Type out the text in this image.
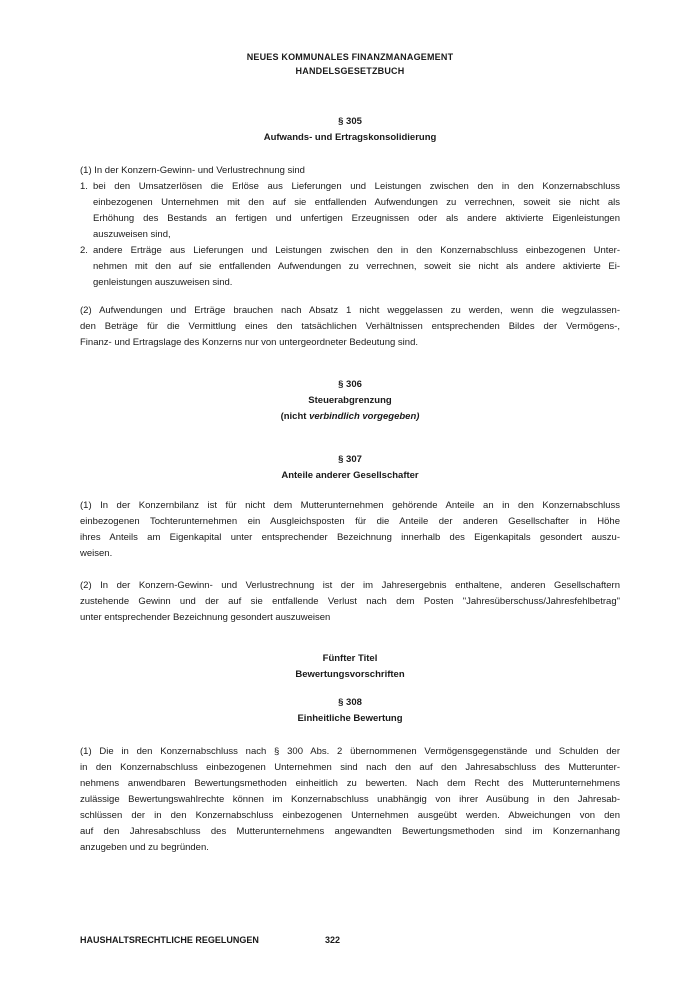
NEUES KOMMUNALES FINANZMANAGEMENT
HANDELSGESETZBUCH
§ 305
Aufwands- und Ertragskonsolidierung

(1) In der Konzern-Gewinn- und Verlustrechnung sind

1. bei den Umsatzerlösen die Erlöse aus Lieferungen und Leistungen zwischen den in den Konzernabschluss
einbezogenen Unternehmen mit den auf sie entfallenden Aufwendungen zu verrechnen, soweit sie nicht als
Erhöhung des Bestands an fertigen und unfertigen Erzeugnissen oder als andere aktivierte Eigenleistungen
auszuweisen sind,
2. andere Erträge aus Lieferungen und Leistungen zwischen den in den Konzernabschluss einbezogenen Unter-
nehmen mit den auf sie entfallenden Aufwendungen zu verrechnen, soweit sie nicht als andere aktivierte Ei-
genleistungen auszuweisen sind.

(2) Aufwendungen und Erträge brauchen nach Absatz 1 nicht weggelassen zu werden, wenn die wegzulassen-
den Beträge für die Vermittlung eines den tatsächlichen Verhältnissen entsprechenden Bildes der Vermögens-,
Finanz- und Ertragslage des Konzerns nur von untergeordneter Bedeutung sind.

§ 306
Steuerabgrenzung
(nicht verbindlich vorgegeben)
§ 307
Anteile anderer Gesellschafter

(1) In der Konzernbilanz ist für nicht dem Mutterunternehmen gehörende Anteile an in den Konzernabschluss
einbezogenen Tochterunternehmen ein Ausgleichsposten für die Anteile der anderen Gesellschafter in Höhe
ihres Anteils am Eigenkapital unter entsprechender Bezeichnung innerhalb des Eigenkapitals gesondert auszu-
weisen.

(2) In der Konzern-Gewinn- und Verlustrechnung ist der im Jahresergebnis enthaltene, anderen Gesellschaftern
zustehende Gewinn und der auf sie entfallende Verlust nach dem Posten "Jahresüberschuss/Jahresfehlbetrag"
unter entsprechender Bezeichnung gesondert auszuweisen

Fünfter Titel
Bewertungsvorschriften
§ 308
Einheitliche Bewertung

(1) Die in den Konzernabschluss nach § 300 Abs. 2 übernommenen Vermögensgegenstände und Schulden der
in den Konzernabschluss einbezogenen Unternehmen sind nach den auf den Jahresabschluss des Mutterunter-
nehmens anwendbaren Bewertungsmethoden einheitlich zu bewerten. Nach dem Recht des Mutterunternehmens
zulässige Bewertungswahlrechte können im Konzernabschluss unabhängig von ihrer Ausübung in den Jahresab-
schlüssen der in den Konzernabschluss einbezogenen Unternehmen ausgeübt werden. Abweichungen von den
auf den Jahresabschluss des Mutterunternehmens angewandten Bewertungsmethoden sind im Konzernanhang
anzugeben und zu begründen.

HAUSHALTSRECHTLICHE REGELUNGEN	322
